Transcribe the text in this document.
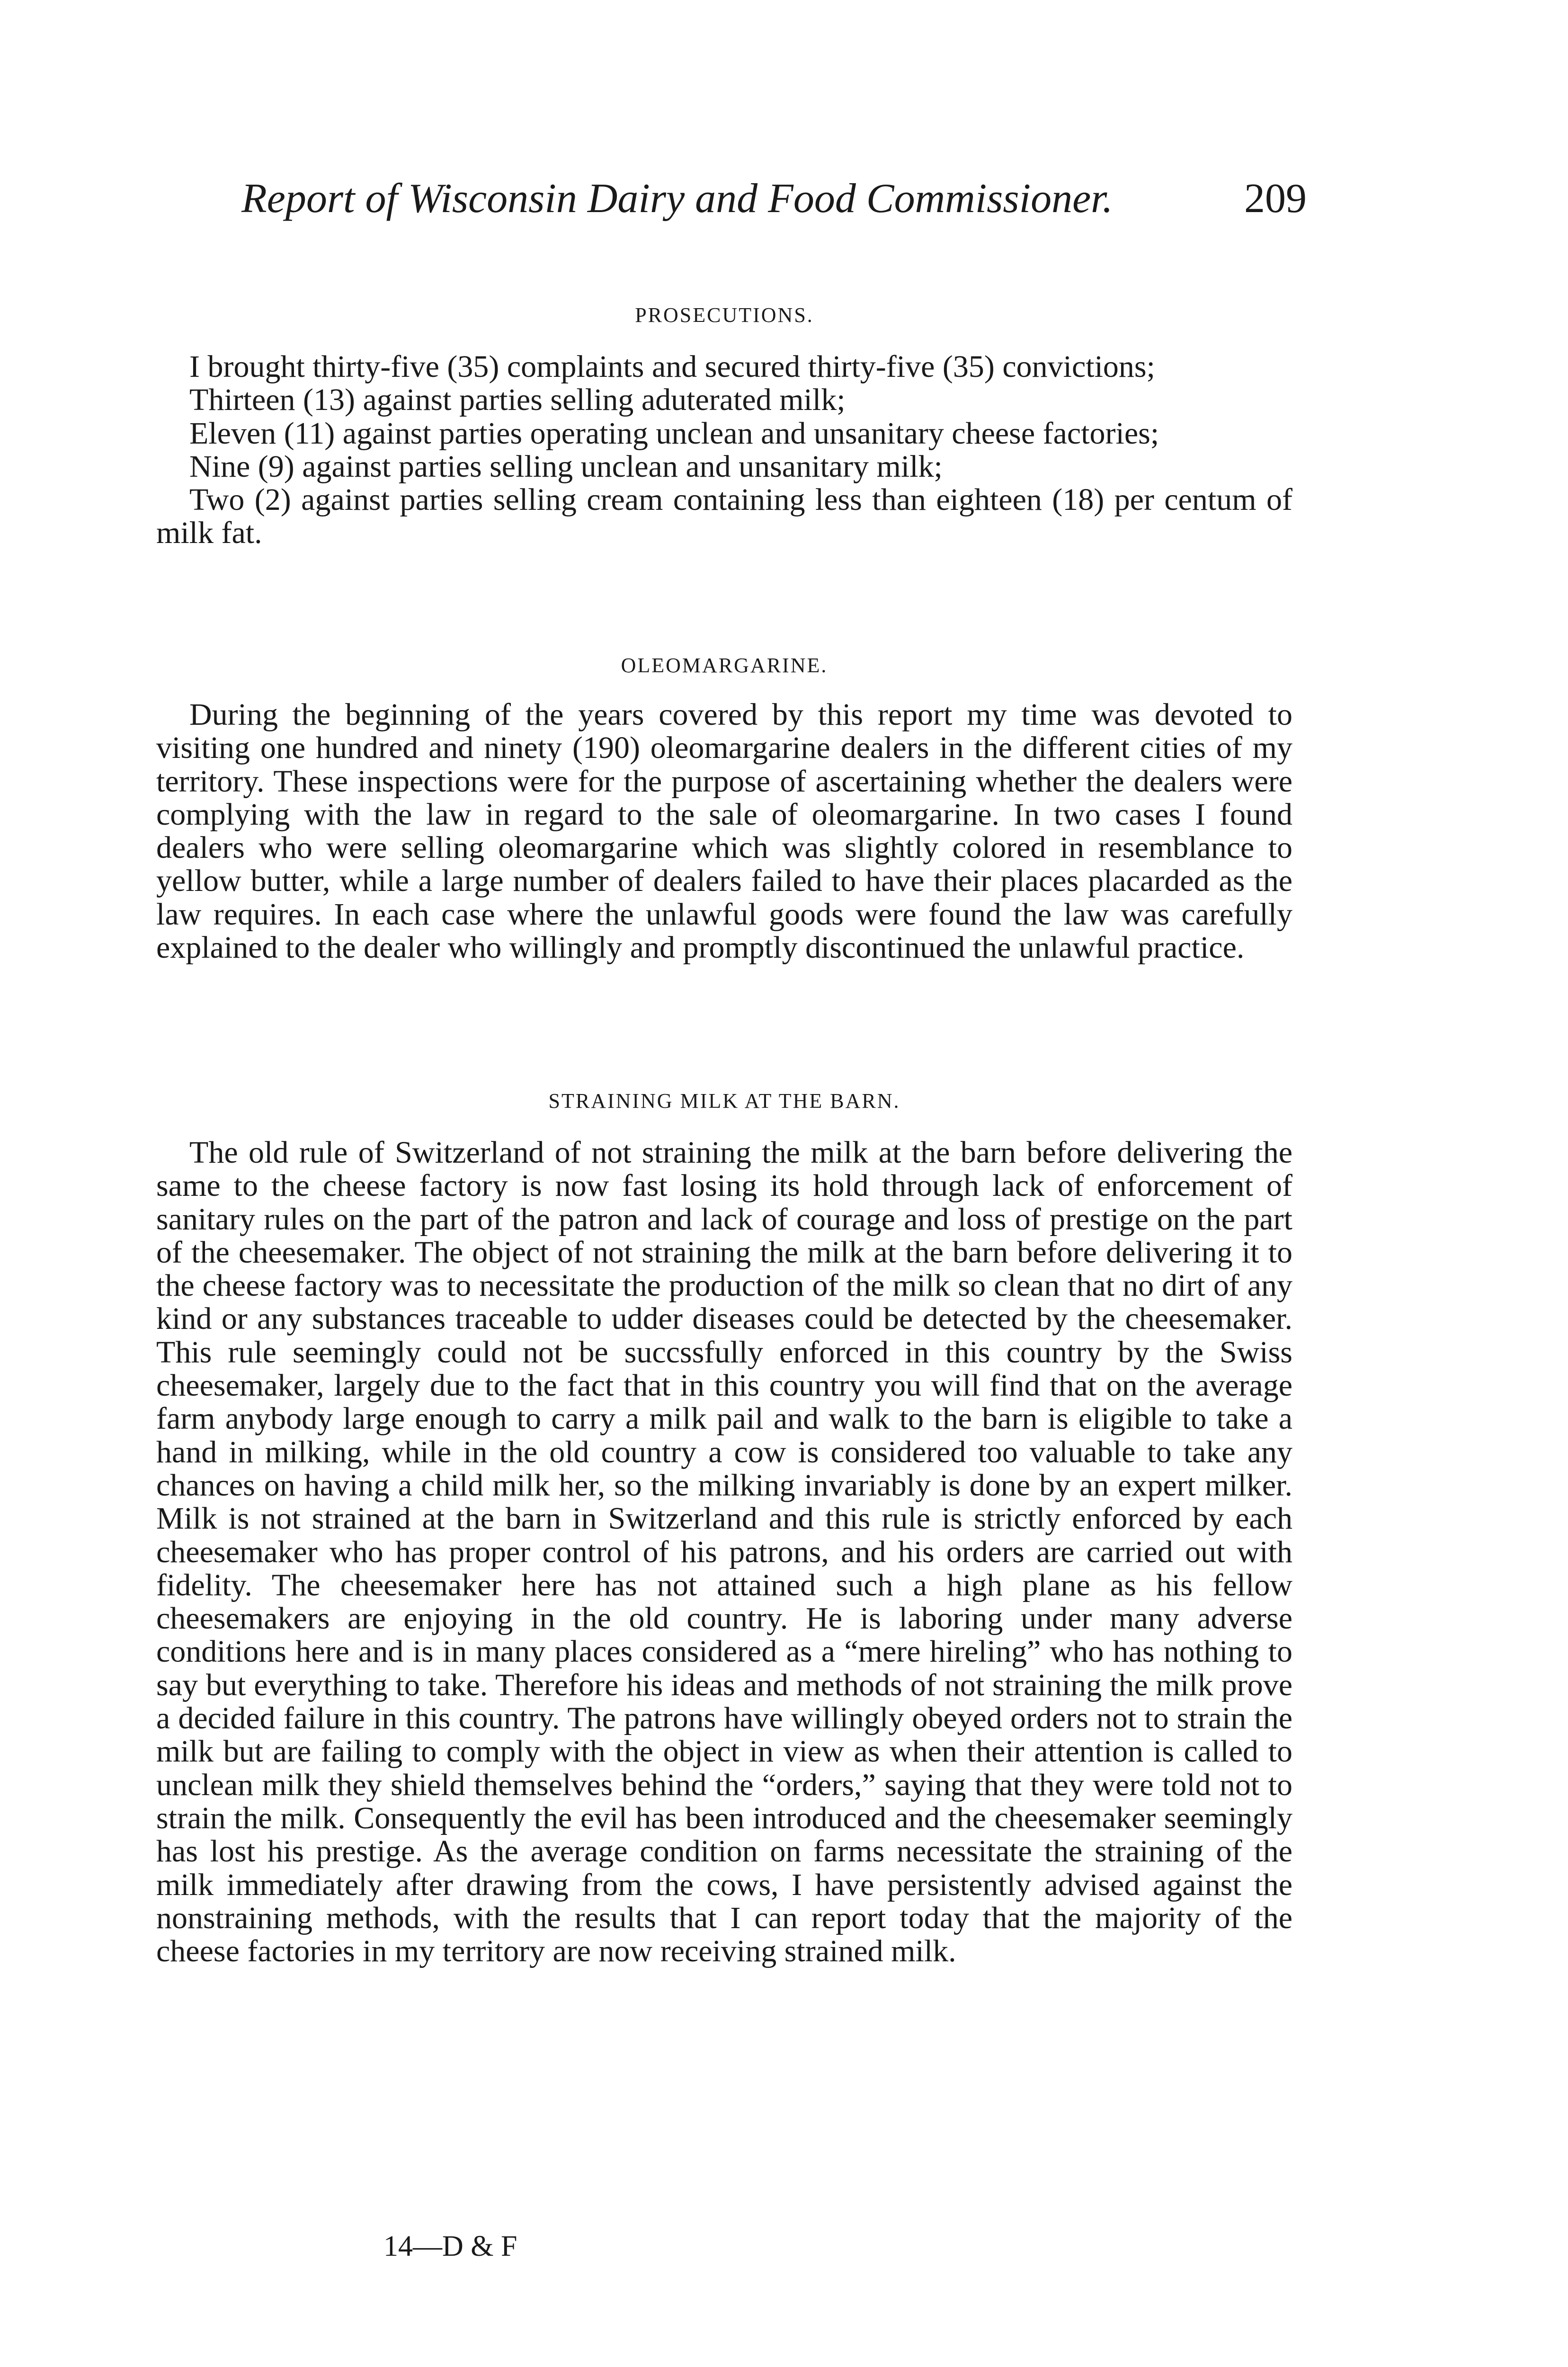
Report of Wisconsin Dairy and Food Commissioner.	209
PROSECUTIONS.

I brought thirty-five (35) complaints and secured thirty-five (35) convictions;

Thirteen (13) against parties selling aduterated milk;

Eleven (11) against parties operating unclean and unsanitary cheese factories;

Nine (9) against parties selling unclean and unsanitary milk;

Two (2) against parties selling cream containing less than eighteen (18) per centum of milk fat.

OLEOMARGARINE.

During the beginning of the years covered by this report my time was devoted to visiting one hundred and ninety (190) oleomargarine dealers in the different cities of my territory. These inspections were for the purpose of ascertaining whether the dealers were complying with the law in regard to the sale of oleomargarine. In two cases I found dealers who were selling oleomargarine which was slightly colored in resemblance to yellow butter, while a large number of dealers failed to have their places placarded as the law requires. In each case where the unlawful goods were found the law was carefully explained to the dealer who willingly and promptly discontinued the unlawful practice.

STRAINING MILK AT THE BARN.

The old rule of Switzerland of not straining the milk at the barn before delivering the same to the cheese factory is now fast losing its hold through lack of enforcement of sanitary rules on the part of the patron and lack of courage and loss of prestige on the part of the cheesemaker. The object of not straining the milk at the barn before delivering it to the cheese factory was to necessitate the production of the milk so clean that no dirt of any kind or any substances traceable to udder diseases could be detected by the cheesemaker. This rule seemingly could not be succssfully enforced in this country by the Swiss cheesemaker, largely due to the fact that in this country you will find that on the average farm anybody large enough to carry a milk pail and walk to the barn is eligible to take a hand in milking, while in the old country a cow is considered too valuable to take any chances on having a child milk her, so the milking invariably is done by an expert milker. Milk is not strained at the barn in Switzerland and this rule is strictly enforced by each cheesemaker who has proper control of his patrons, and his orders are carried out with fidelity. The cheesemaker here has not attained such a high plane as his fellow cheesemakers are enjoying in the old country. He is laboring under many adverse conditions here and is in many places considered as a “mere hireling” who has nothing to say but everything to take. Therefore his ideas and methods of not straining the milk prove a decided failure in this country. The patrons have willingly obeyed orders not to strain the milk but are failing to comply with the object in view as when their attention is called to unclean milk they shield themselves behind the “orders,” saying that they were told not to strain the milk. Consequently the evil has been introduced and the cheesemaker seemingly has lost his prestige. As the average condition on farms necessitate the straining of the milk immediately after drawing from the cows, I have persistently advised against the nonstraining methods, with the results that I can report today that the majority of the cheese factories in my territory are now receiving strained milk.

14—D & F
